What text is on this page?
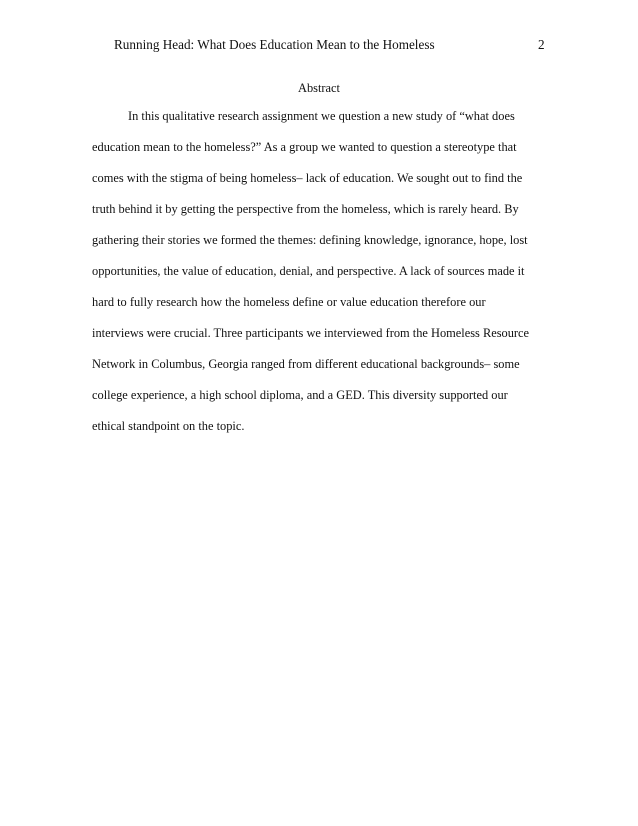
Running Head: What Does Education Mean to the Homeless	2
Abstract
In this qualitative research assignment we question a new study of “what does
education mean to the homeless?” As a group we wanted to question a stereotype that
comes with the stigma of being homeless– lack of education. We sought out to find the
truth behind it by getting the perspective from the homeless, which is rarely heard. By
gathering their stories we formed the themes: defining knowledge, ignorance, hope, lost
opportunities, the value of education, denial, and perspective. A lack of sources made it
hard to fully research how the homeless define or value education therefore our
interviews were crucial. Three participants we interviewed from the Homeless Resource
Network in Columbus, Georgia ranged from different educational backgrounds– some
college experience, a high school diploma, and a GED. This diversity supported our
ethical standpoint on the topic.
